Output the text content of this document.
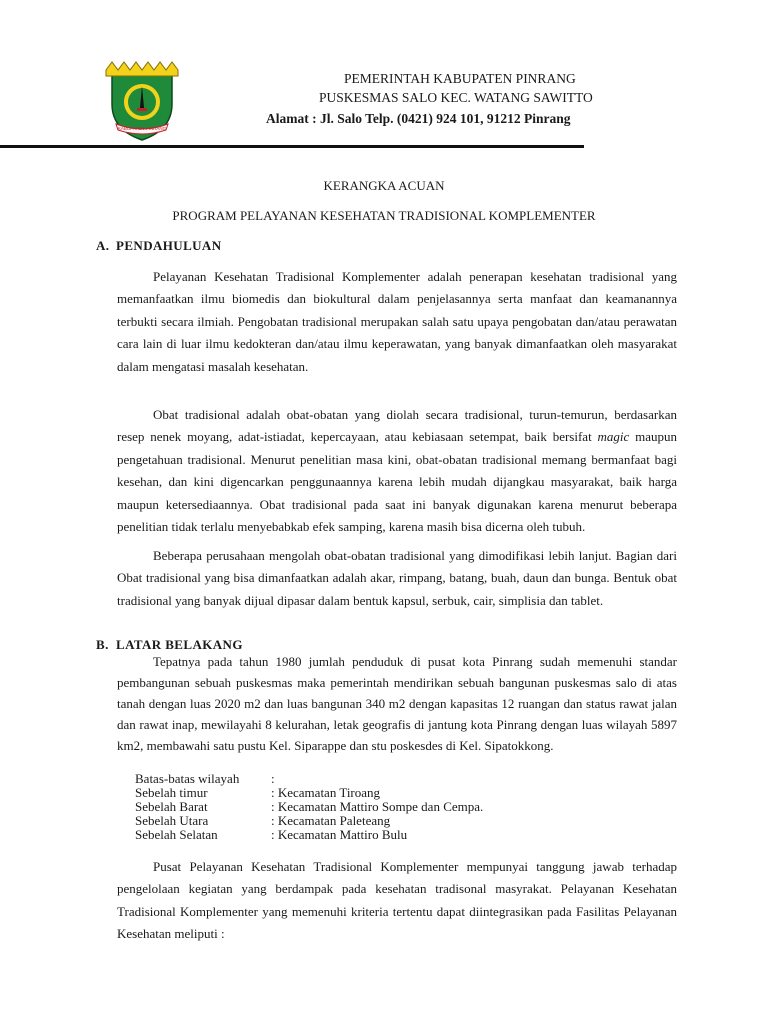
KABUPATEN PINRANG
PEMERINTAH KABUPATEN PINRANG
PUSKESMAS SALO KEC. WATANG SAWITTO
Alamat : Jl. Salo Telp. (0421) 924 101, 91212 Pinrang
KERANGKA ACUAN
PROGRAM PELAYANAN KESEHATAN TRADISIONAL KOMPLEMENTER
A. PENDAHULUAN

Pelayanan Kesehatan Tradisional Komplementer adalah penerapan kesehatan tradisional yang memanfaatkan ilmu biomedis dan biokultural dalam penjelasannya serta manfaat dan keamanannya terbukti secara ilmiah. Pengobatan tradisional merupakan salah satu upaya pengobatan dan/atau perawatan cara lain di luar ilmu kedokteran dan/atau ilmu keperawatan, yang banyak dimanfaatkan oleh masyarakat dalam mengatasi masalah kesehatan.

Obat tradisional adalah obat-obatan yang diolah secara tradisional, turun-temurun, berdasarkan resep nenek moyang, adat-istiadat, kepercayaan, atau kebiasaan setempat, baik bersifat magic maupun pengetahuan tradisional. Menurut penelitian masa kini, obat-obatan tradisional memang bermanfaat bagi kesehan, dan kini digencarkan penggunaannya karena lebih mudah dijangkau masyarakat, baik harga maupun ketersediaannya. Obat tradisional pada saat ini banyak digunakan karena menurut beberapa penelitian tidak terlalu menyebabkab efek samping, karena masih bisa dicerna oleh tubuh.

Beberapa perusahaan mengolah obat-obatan tradisional yang dimodifikasi lebih lanjut. Bagian dari Obat tradisional yang bisa dimanfaatkan adalah akar, rimpang, batang, buah, daun dan bunga. Bentuk obat tradisional yang banyak dijual dipasar dalam bentuk kapsul, serbuk, cair, simplisia dan tablet.

B. LATAR BELAKANG

Tepatnya pada tahun 1980 jumlah penduduk di pusat kota Pinrang sudah memenuhi standar pembangunan sebuah puskesmas maka pemerintah mendirikan sebuah bangunan puskesmas salo di atas tanah dengan luas 2020 m2 dan luas bangunan 340 m2 dengan kapasitas 12 ruangan dan status rawat jalan dan rawat inap, mewilayahi 8 kelurahan, letak geografis di jantung kota Pinrang dengan luas wilayah 5897 km2, membawahi satu pustu Kel. Siparappe dan stu poskesdes di Kel. Sipatokkong.

Batas-batas wilayah :
Sebelah timur	: Kecamatan Tiroang
Sebelah Barat	: Kecamatan Mattiro Sompe dan Cempa.
Sebelah Utara	: Kecamatan Paleteang
Sebelah Selatan	: Kecamatan Mattiro Bulu

Pusat Pelayanan Kesehatan Tradisional Komplementer mempunyai tanggung jawab terhadap pengelolaan kegiatan yang berdampak pada kesehatan tradisonal masyrakat. Pelayanan Kesehatan Tradisional Komplementer yang memenuhi kriteria tertentu dapat diintegrasikan pada Fasilitas Pelayanan Kesehatan meliputi :
